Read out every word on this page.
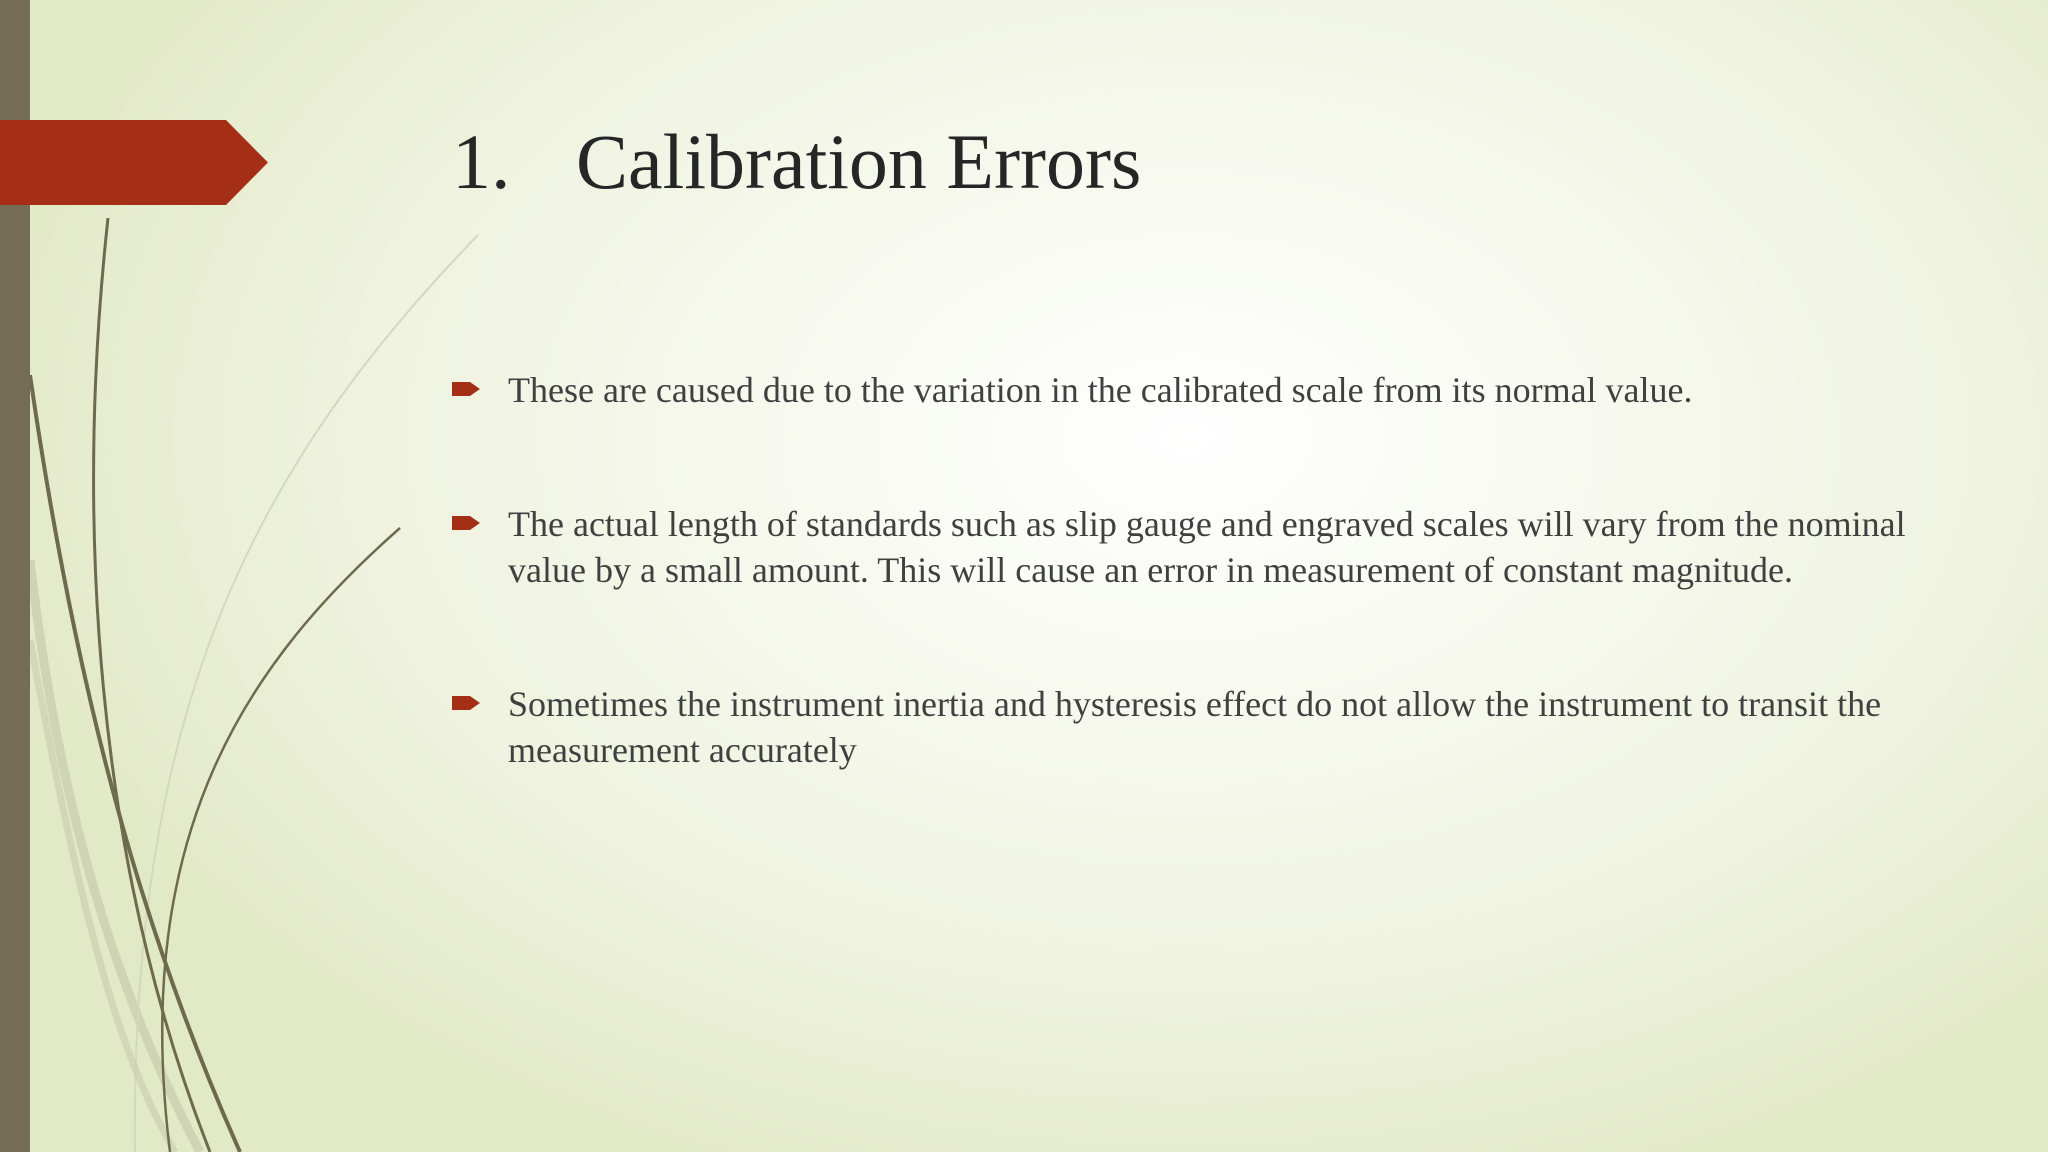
1. Calibration Errors
These are caused due to the variation in the calibrated scale from its normal value.
The actual length of standards such as slip gauge and engraved scales will vary from the nominal value by a small amount. This will cause an error in measurement of constant magnitude.
Sometimes the instrument inertia and hysteresis effect do not allow the instrument to transit the measurement accurately
